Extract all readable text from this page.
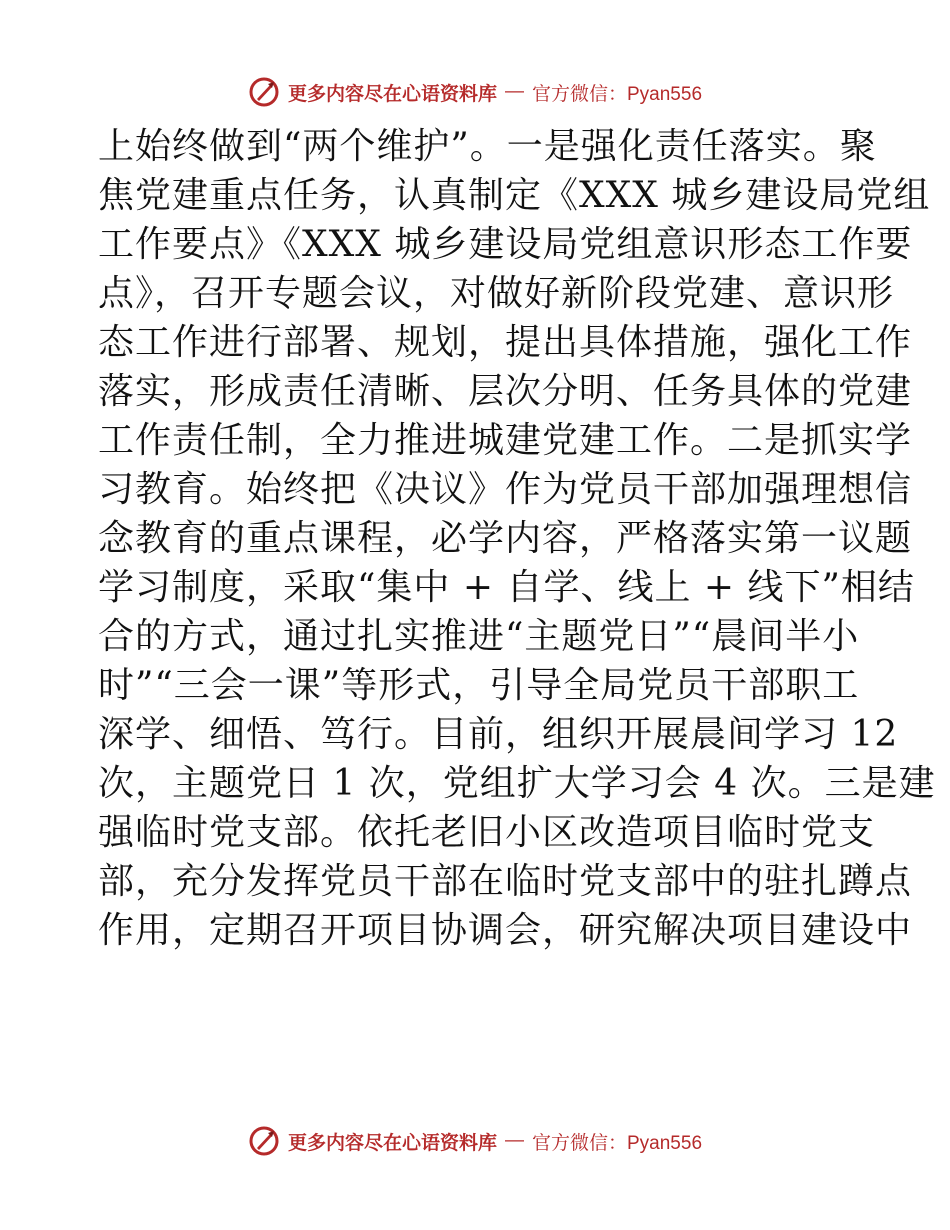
更多内容尽在心语资料库 — 官方微信：Pyan556
上始终做到“两个维护”。一是强化责任落实。聚
焦党建重点任务，认真制定《XXX 城乡建设局党组
工作要点》《XXX 城乡建设局党组意识形态工作要
点》，召开专题会议，对做好新阶段党建、意识形
态工作进行部署、规划，提出具体措施，强化工作
落实，形成责任清晰、层次分明、任务具体的党建
工作责任制，全力推进城建党建工作。二是抓实学
习教育。始终把《决议》作为党员干部加强理想信
念教育的重点课程，必学内容，严格落实第一议题
学习制度，采取“集中 + 自学、线上 + 线下”相结
合的方式，通过扎实推进“主题党日”“晨间半小
时”“三会一课”等形式，引导全局党员干部职工
深学、细悟、笃行。目前，组织开展晨间学习 12
次，主题党日 1 次，党组扩大学习会 4 次。三是建
强临时党支部。依托老旧小区改造项目临时党支
部，充分发挥党员干部在临时党支部中的驻扎蹲点
作用，定期召开项目协调会，研究解决项目建设中
更多内容尽在心语资料库 — 官方微信：Pyan556
